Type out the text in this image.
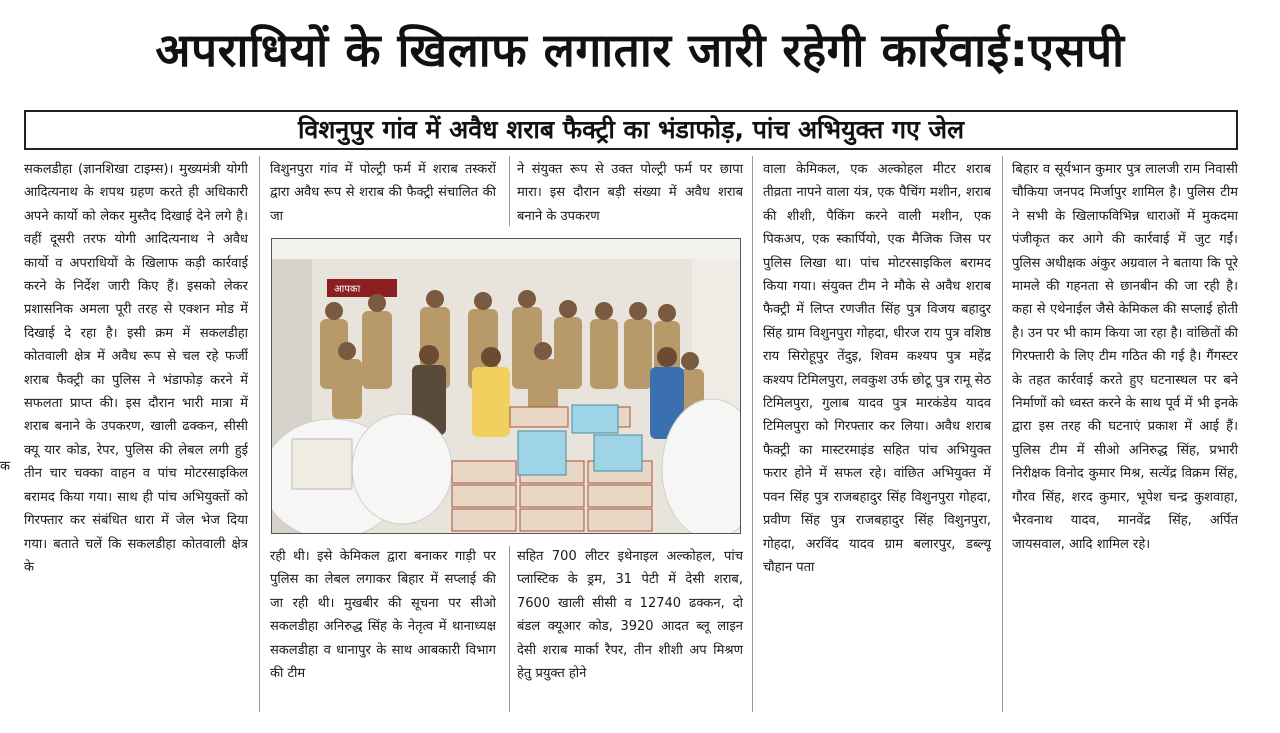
अपराधियों के खिलाफ लगातार जारी रहेगी कार्रवाई:एसपी
विशनुपुर गांव में अवैध शराब फैक्ट्री का भंडाफोड़, पांच अभियुक्त गए जेल
क

सकलडीहा (ज्ञानशिखा टाइम्स)। मुख्यमंत्री योगी आदित्यनाथ के शपथ ग्रहण करते ही अधिकारी अपने कार्यो को लेकर मुस्तैद दिखाई देने लगे है। वहीं दूसरी तरफ योगी आदित्यनाथ ने अवैध कार्यो व अपराधियों के खिलाफ कड़ी कार्रवाई करने के निर्देश जारी किए हैं। इसको लेकर प्रशासनिक अमला पूरी तरह से एक्शन मोड में दिखाई दे रहा है। इसी क्रम में सकलडीहा कोतवाली क्षेत्र में अवैध रूप से चल रहे फर्जी शराब फैक्ट्री का पुलिस ने भंडाफोड़ करने में सफलता प्राप्त की। इस दौरान भारी मात्रा में शराब बनाने के उपकरण, खाली ढक्कन, सीसी क्यू यार कोड, रेपर, पुलिस की लेबल लगी हुई तीन चार चक्का वाहन व पांच मोटरसाइकिल बरामद किया गया। साथ ही पांच अभियुक्तों को गिरफ्तार कर संबंधित धारा में जेल भेज दिया गया। बताते चलें कि सकलडीहा कोतवाली क्षेत्र के

विशुनपुरा गांव में पोल्ट्री फर्म में शराब तस्करों द्वारा अवैध रूप से शराब की फैक्ट्री संचालित की जा

ने संयुक्त रूप से उक्त पोल्ट्री फर्म पर छापा मारा। इस दौरान बड़ी संख्या में अवैध शराब बनाने के उपकरण

आपका

रही थी। इसे केमिकल द्वारा बनाकर गाड़ी पर पुलिस का लेबल लगाकर बिहार में सप्लाई की जा रही थी। मुखबीर की सूचना पर सीओ सकलडीहा अनिरुद्ध सिंह के नेतृत्व में थानाध्यक्ष सकलडीहा व धानापुर के साथ आबकारी विभाग की टीम

सहित 700 लीटर इथेनाइल अल्कोहल, पांच प्लास्टिक के ड्रम, 31 पेटी में देसी शराब, 7600 खाली सीसी व 12740 ढक्कन, दो बंडल क्यूआर कोड, 3920 आदत ब्लू लाइन देसी शराब मार्का रैपर, तीन शीशी अप मिश्रण हेतु प्रयुक्त होने

वाला केमिकल, एक अल्कोहल मीटर शराब तीव्रता नापने वाला यंत्र, एक पैचिंग मशीन, शराब की शीशी, पैकिंग करने वाली मशीन, एक पिकअप, एक स्कार्पियो, एक मैजिक जिस पर पुलिस लिखा था। पांच मोटरसाइकिल बरामद किया गया। संयुक्त टीम ने मौके से अवैध शराब फैक्ट्री में लिप्त रणजीत सिंह पुत्र विजय बहादुर सिंह ग्राम विशुनपुरा गोहदा, धीरज राय पुत्र वशिष्ठ राय सिरोहूपुर तेंदुइ, शिवम कश्यप पुत्र महेंद्र कश्यप टिमिलपुरा, लवकुश उर्फ छोटू पुत्र रामू सेठ टिमिलपुरा, गुलाब यादव पुत्र मारकंडेय यादव टिमिलपुरा को गिरफ्तार कर लिया। अवैध शराब फैक्ट्री का मास्टरमाइंड सहित पांच अभियुक्त फरार होने में सफल रहे। वांछित अभियुक्त में पवन सिंह पुत्र राजबहादुर सिंह विशुनपुरा गोहदा, प्रवीण सिंह पुत्र राजबहादुर सिंह विशुनपुरा, गोहदा, अरविंद यादव ग्राम बलारपुर, डब्ल्यू चौहान पता

बिहार व सूर्यभान कुमार पुत्र लालजी राम निवासी चौकिया जनपद मिर्जापुर शामिल है। पुलिस टीम ने सभी के खिलाफविभिन्न धाराओं में मुकदमा पंजीकृत कर आगे की कार्रवाई में जुट गईं। पुलिस अधीक्षक अंकुर अग्रवाल ने बताया कि पूरे मामले की गहनता से छानबीन की जा रही है। कहा से एथेनाईल जैसे केमिकल की सप्लाई होती है। उन पर भी काम किया जा रहा है। वांछितों की गिरफ्तारी के लिए टीम गठित की गई है। गैंगस्टर के तहत कार्रवाई करते हुए घटनास्थल पर बने निर्माणों को ध्वस्त करने के साथ पूर्व में भी इनके द्वारा इस तरह की घटनाएं प्रकाश में आई हैं। पुलिस टीम में सीओ अनिरुद्ध सिंह, प्रभारी निरीक्षक विनोद कुमार मिश्र, सत्येंद्र विक्रम सिंह, गौरव सिंह, शरद कुमार, भूपेश चन्द्र कुशवाहा, भैरवनाथ यादव, मानवेंद्र सिंह, अर्पित जायसवाल, आदि शामिल रहे।
